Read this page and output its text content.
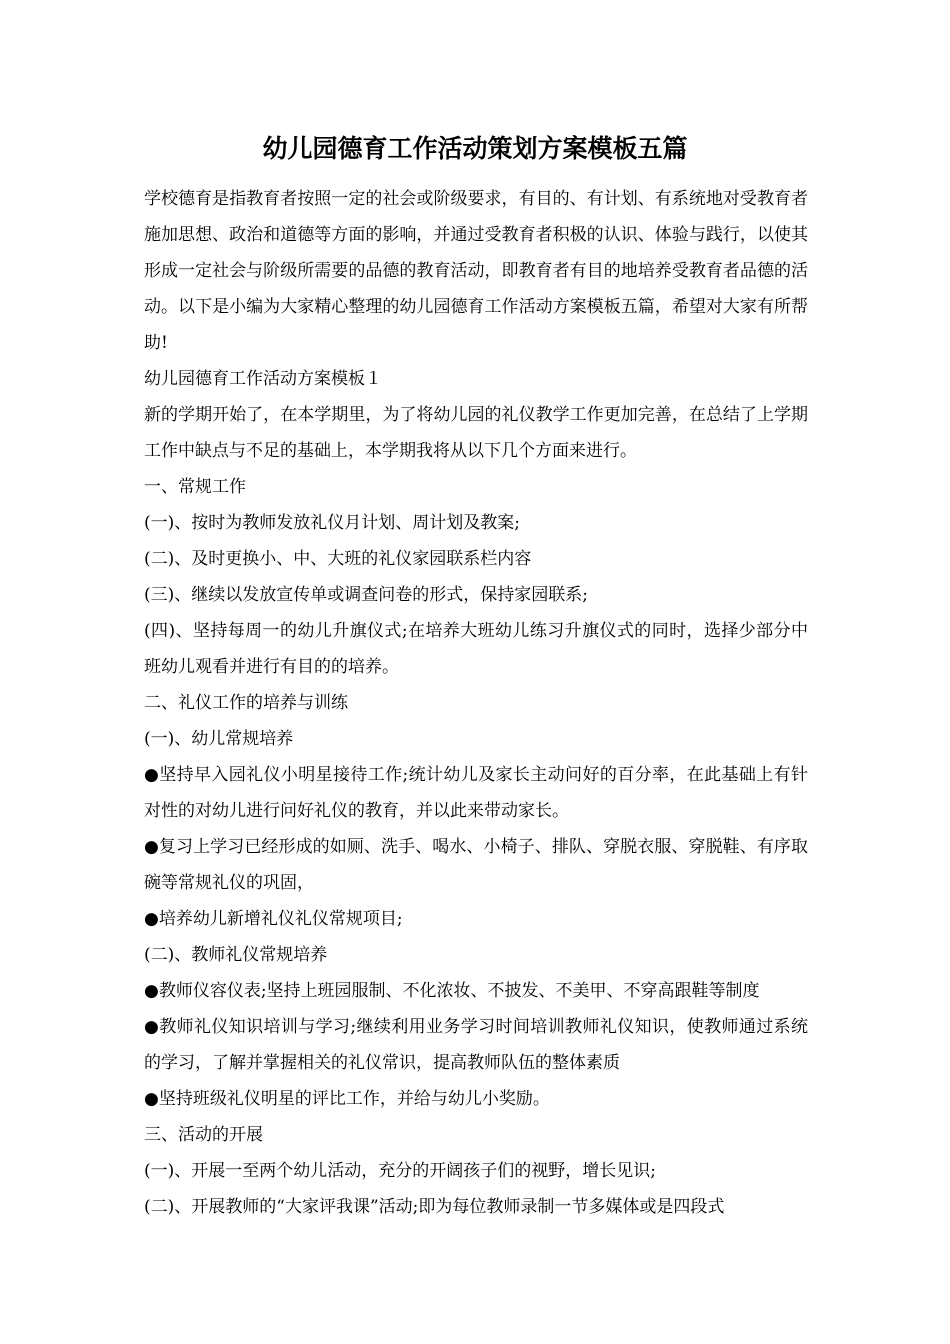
幼儿园德育工作活动策划方案模板五篇

学校德育是指教育者按照一定的社会或阶级要求，有目的、有计划、有系统地对受教育者施加思想、政治和道德等方面的影响，并通过受教育者积极的认识、体验与践行，以使其形成一定社会与阶级所需要的品德的教育活动，即教育者有目的地培养受教育者品德的活动。以下是小编为大家精心整理的幼儿园德育工作活动方案模板五篇，希望对大家有所帮助!

幼儿园德育工作活动方案模板１

新的学期开始了，在本学期里，为了将幼儿园的礼仪教学工作更加完善，在总结了上学期工作中缺点与不足的基础上，本学期我将从以下几个方面来进行。

一、常规工作

(一)、按时为教师发放礼仪月计划、周计划及教案;

(二)、及时更换小、中、大班的礼仪家园联系栏内容

(三)、继续以发放宣传单或调查问卷的形式，保持家园联系;

(四)、坚持每周一的幼儿升旗仪式;在培养大班幼儿练习升旗仪式的同时，选择少部分中班幼儿观看并进行有目的的培养。

二、礼仪工作的培养与训练

(一)、幼儿常规培养

●坚持早入园礼仪小明星接待工作;统计幼儿及家长主动问好的百分率，在此基础上有针对性的对幼儿进行问好礼仪的教育，并以此来带动家长。

●复习上学习已经形成的如厕、洗手、喝水、小椅子、排队、穿脱衣服、穿脱鞋、有序取碗等常规礼仪的巩固，

●培养幼儿新增礼仪礼仪常规项目;

(二)、教师礼仪常规培养

●教师仪容仪表;坚持上班园服制、不化浓妆、不披发、不美甲、不穿高跟鞋等制度

●教师礼仪知识培训与学习;继续利用业务学习时间培训教师礼仪知识，使教师通过系统的学习，了解并掌握相关的礼仪常识，提高教师队伍的整体素质

●坚持班级礼仪明星的评比工作，并给与幼儿小奖励。

三、活动的开展

(一)、开展一至两个幼儿活动，充分的开阔孩子们的视野，增长见识;

(二)、开展教师的“大家评我课”活动;即为每位教师录制一节多媒体或是四段式
